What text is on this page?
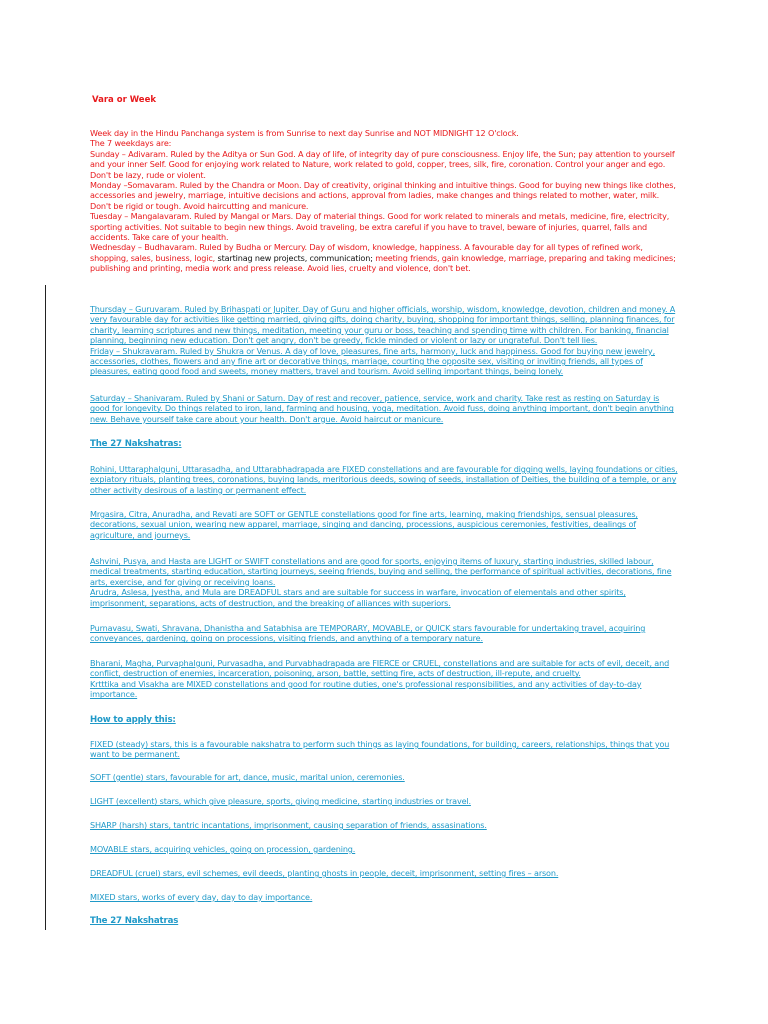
Vara or Week

Week day in the Hindu Panchanga system is from Sunrise to next day Sunrise and NOT MIDNIGHT 12 O'clock.

The 7 weekdays are:

Sunday – Adivaram. Ruled by the Aditya or Sun God. A day of life, of integrity day of pure consciousness. Enjoy life, the Sun; pay attention to yourself and your inner Self. Good for enjoying work related to Nature, work related to gold, copper, trees, silk, fire, coronation. Control your anger and ego. Don't be lazy, rude or violent.

Monday –Somavaram. Ruled by the Chandra or Moon. Day of creativity, original thinking and intuitive things. Good for buying new things like clothes, accessories and jewelry, marriage, intuitive decisions and actions, approval from ladies, make changes and things related to mother, water, milk. Don't be rigid or tough. Avoid haircutting and manicure.

Tuesday – Mangalavaram. Ruled by Mangal or Mars. Day of material things. Good for work related to minerals and metals, medicine, fire, electricity, sporting activities. Not suitable to begin new things. Avoid traveling, be extra careful if you have to travel, beware of injuries, quarrel, falls and accidents. Take care of your health.

Wednesday – Budhavaram. Ruled by Budha or Mercury. Day of wisdom, knowledge, happiness. A favourable day for all types of refined work, shopping, sales, business, logic, startinag new projects, communication; meeting friends, gain knowledge, marriage, preparing and taking medicines; publishing and printing, media work and press release. Avoid lies, cruelty and violence, don't bet.

Thursday – Guruvaram. Ruled by Brihaspati or Jupiter. Day of Guru and higher officials, worship, wisdom, knowledge, devotion, children and money. A very favourable day for activities like getting married, giving gifts, doing charity, buying, shopping for important things, selling, planning finances, for charity, learning scriptures and new things, meditation, meeting your guru or boss, teaching and spending time with children. For banking, financial planning, beginning new education. Don't get angry, don't be greedy, fickle minded or violent or lazy or ungrateful. Don't tell lies.

Friday – Shukravaram. Ruled by Shukra or Venus. A day of love, pleasures, fine arts, harmony, luck and happiness. Good for buying new jewelry, accessories, clothes, flowers and any fine art or decorative things, marriage, courting the opposite sex, visiting or inviting friends, all types of pleasures, eating good food and sweets, money matters, travel and tourism. Avoid selling important things, being lonely.

Saturday – Shanivaram. Ruled by Shani or Saturn. Day of rest and recover, patience, service, work and charity. Take rest as resting on Saturday is good for longevity. Do things related to iron, land, farming and housing, yoga, meditation. Avoid fuss, doing anything important, don't begin anything new. Behave yourself take care about your health. Don't argue. Avoid haircut or manicure.

The 27 Nakshatras:

Rohini, Uttaraphalguni, Uttarasadha, and Uttarabhadrapada are FIXED constellations and are favourable for digging wells, laying foundations or cities, expiatory rituals, planting trees, coronations, buying lands, meritorious deeds, sowing of seeds, installation of Deities, the building of a temple, or any other activity desirous of a lasting or permanent effect.

Mrgasira, Citra, Anuradha, and Revati are SOFT or GENTLE constellations good for fine arts, learning, making friendships, sensual pleasures, decorations, sexual union, wearing new apparel, marriage, singing and dancing, processions, auspicious ceremonies, festivities, dealings of agriculture, and journeys.

Ashvini, Pusya, and Hasta are LIGHT or SWIFT constellations and are good for sports, enjoying items of luxury, starting industries, skilled labour, medical treatments, starting education, starting journeys, seeing friends, buying and selling, the performance of spiritual activities, decorations, fine arts, exercise, and for giving or receiving loans.

Arudra, Aslesa, Jyestha, and Mula are DREADFUL stars and are suitable for success in warfare, invocation of elementals and other spirits, imprisonment, separations, acts of destruction, and the breaking of alliances with superiors.

Purnavasu, Swati, Shravana, Dhanistha and Satabhisa are TEMPORARY, MOVABLE, or QUICK stars favourable for undertaking travel, acquiring conveyances, gardening, going on processions, visiting friends, and anything of a temporary nature.

Bharani, Magha, Purvaphalguni, Purvasadha, and Purvabhadrapada are FIERCE or CRUEL, constellations and are suitable for acts of evil, deceit, and conflict, destruction of enemies, incarceration, poisoning, arson, battle, setting fire, acts of destruction, ill-repute, and cruelty.

Krtttika and Visakha are MIXED constellations and good for routine duties, one's professional responsibilities, and any activities of day-to-day importance.

How to apply this:

FIXED (steady) stars, this is a favourable nakshatra to perform such things as laying foundations, for building, careers, relationships, things that you want to be permanent.

SOFT (gentle) stars, favourable for art, dance, music, marital union, ceremonies.
LIGHT (excellent) stars, which give pleasure, sports, giving medicine, starting industries or travel.
SHARP (harsh) stars, tantric incantations, imprisonment, causing separation of friends, assasinations.
MOVABLE stars, acquiring vehicles, going on procession, gardening.
DREADFUL (cruel) stars, evil schemes, evil deeds, planting ghosts in people, deceit, imprisonment, setting fires – arson.
MIXED stars, works of every day, day to day importance.
The 27 Nakshatras
